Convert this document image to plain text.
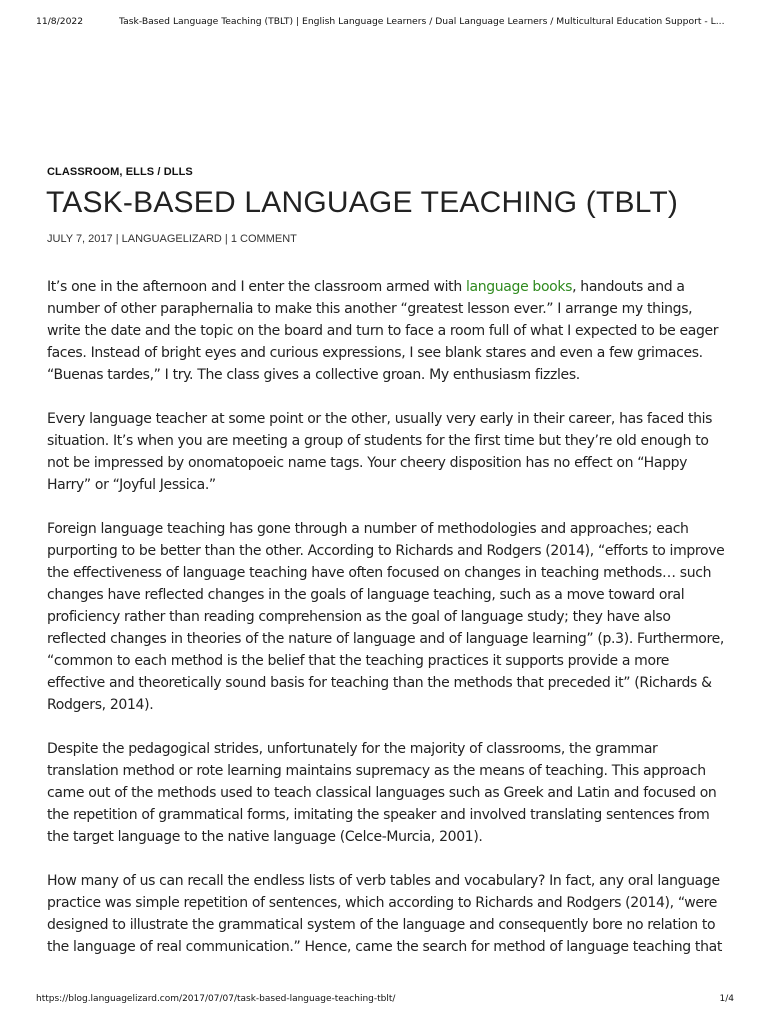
11/8/2022	Task-Based Language Teaching (TBLT) | English Language Learners / Dual Language Learners / Multicultural Education Support - L...
CLASSROOM, ELLS / DLLS
TASK-BASED LANGUAGE TEACHING (TBLT)
JULY 7, 2017 | LANGUAGELIZARD | 1 COMMENT

It’s one in the afternoon and I enter the classroom armed with language books, handouts and a number of other paraphernalia to make this another “greatest lesson ever.” I arrange my things, write the date and the topic on the board and turn to face a room full of what I expected to be eager faces. Instead of bright eyes and curious expressions, I see blank stares and even a few grimaces. “Buenas tardes,” I try. The class gives a collective groan. My enthusiasm fizzles.

Every language teacher at some point or the other, usually very early in their career, has faced this situation. It’s when you are meeting a group of students for the first time but they’re old enough to not be impressed by onomatopoeic name tags. Your cheery disposition has no effect on “Happy Harry” or “Joyful Jessica.”

Foreign language teaching has gone through a number of methodologies and approaches; each purporting to be better than the other. According to Richards and Rodgers (2014), “efforts to improve the effectiveness of language teaching have often focused on changes in teaching methods… such changes have reflected changes in the goals of language teaching, such as a move toward oral proficiency rather than reading comprehension as the goal of language study; they have also reflected changes in theories of the nature of language and of language learning” (p.3). Furthermore, “common to each method is the belief that the teaching practices it supports provide a more effective and theoretically sound basis for teaching than the methods that preceded it” (Richards & Rodgers, 2014).

Despite the pedagogical strides, unfortunately for the majority of classrooms, the grammar translation method or rote learning maintains supremacy as the means of teaching. This approach came out of the methods used to teach classical languages such as Greek and Latin and focused on the repetition of grammatical forms, imitating the speaker and involved translating sentences from the target language to the native language (Celce-Murcia, 2001).

How many of us can recall the endless lists of verb tables and vocabulary? In fact, any oral language practice was simple repetition of sentences, which according to Richards and Rodgers (2014), “were designed to illustrate the grammatical system of the language and consequently bore no relation to the language of real communication.” Hence, came the search for method of language teaching that

https://blog.languagelizard.com/2017/07/07/task-based-language-teaching-tblt/	1/4
